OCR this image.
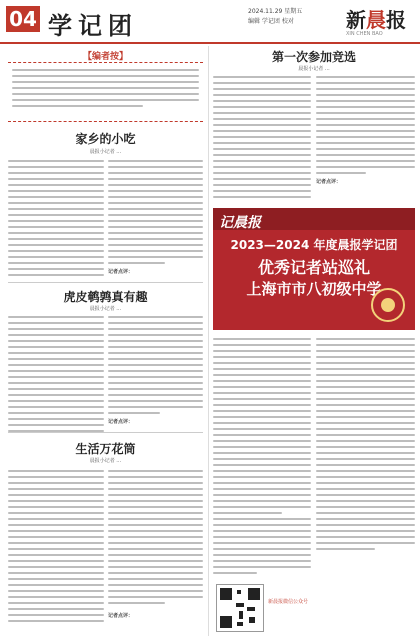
04 学记团
2024.11.29 星期五
编辑 学记团 校对	新晨报
XIN CHEN BAO
【编者按】
家乡的小吃
晨报小记者 …
记者点评：
虎皮鹌鹑真有趣
晨报小记者 …
记者点评：
生活万花筒
晨报小记者 …
记者点评：
第一次参加竞选
晨报小记者 …
记者点评：
记晨报
2023—2024 年度晨报学记团
优秀记者站巡礼
上海市市八初级中学
新晨报微信公众号
